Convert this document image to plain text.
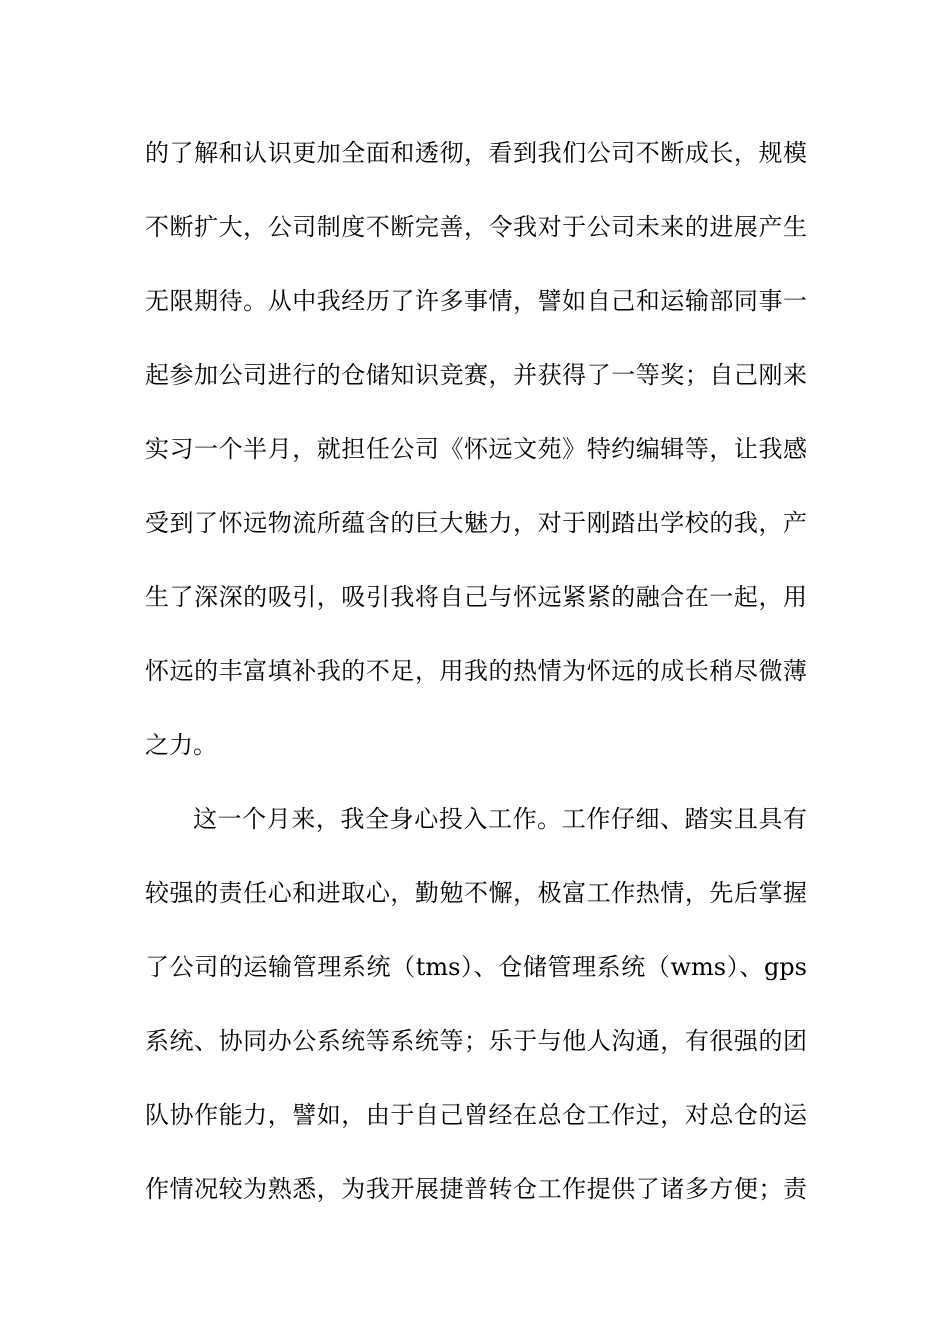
的了解和认识更加全面和透彻，看到我们公司不断成长，规模
不断扩大，公司制度不断完善，令我对于公司未来的进展产生
无限期待。从中我经历了许多事情，譬如自己和运输部同事一
起参加公司进行的仓储知识竞赛，并获得了一等奖；自己刚来
实习一个半月，就担任公司《怀远文苑》特约编辑等，让我感
受到了怀远物流所蕴含的巨大魅力，对于刚踏出学校的我，产
生了深深的吸引，吸引我将自己与怀远紧紧的融合在一起，用
怀远的丰富填补我的不足，用我的热情为怀远的成长稍尽微薄
之力。
这一个月来，我全身心投入工作。工作仔细、踏实且具有
较强的责任心和进取心，勤勉不懈，极富工作热情，先后掌握
了公司的运输管理系统（tms）、仓储管理系统（wms）、gps
系统、协同办公系统等系统等；乐于与他人沟通，有很强的团
队协作能力，譬如，由于自己曾经在总仓工作过，对总仓的运
作情况较为熟悉，为我开展捷普转仓工作提供了诸多方便；责
